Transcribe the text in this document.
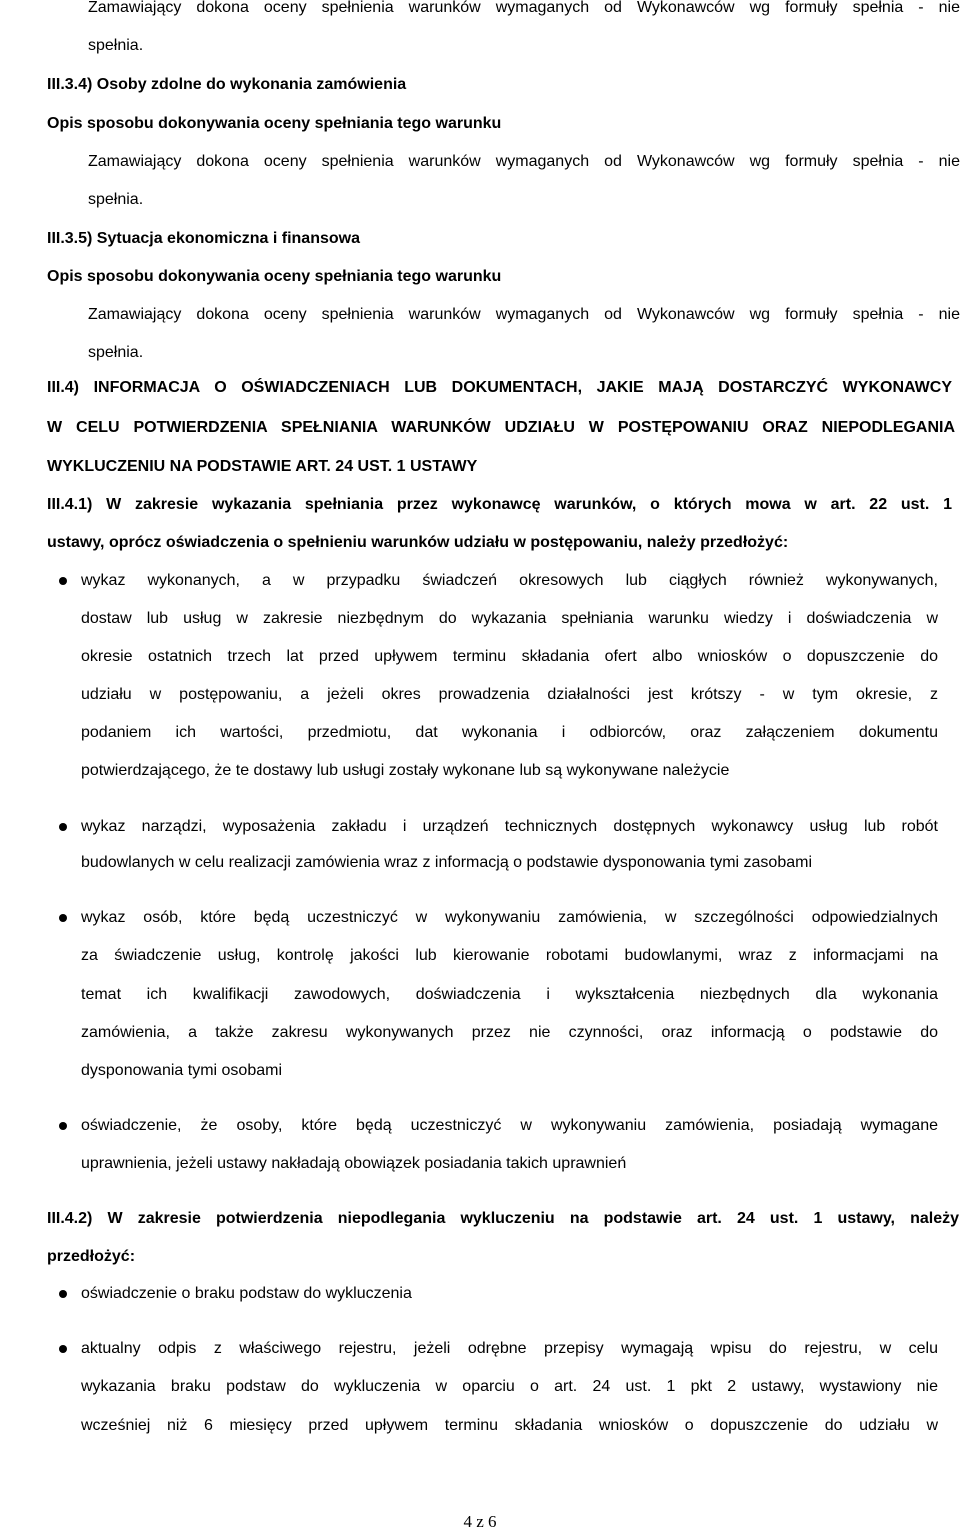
Zamawiający dokona oceny spełnienia warunków wymaganych od Wykonawców wg formuły spełnia - nie
spełnia.
III.3.4) Osoby zdolne do wykonania zamówienia
Opis sposobu dokonywania oceny spełniania tego warunku
Zamawiający dokona oceny spełnienia warunków wymaganych od Wykonawców wg formuły spełnia - nie
spełnia.
III.3.5) Sytuacja ekonomiczna i finansowa
Opis sposobu dokonywania oceny spełniania tego warunku
Zamawiający dokona oceny spełnienia warunków wymaganych od Wykonawców wg formuły spełnia - nie
spełnia.
III.4) INFORMACJA O OŚWIADCZENIACH LUB DOKUMENTACH, JAKIE MAJĄ DOSTARCZYĆ WYKONAWCY
W CELU POTWIERDZENIA SPEŁNIANIA WARUNKÓW UDZIAŁU W POSTĘPOWANIU ORAZ NIEPODLEGANIA
WYKLUCZENIU NA PODSTAWIE ART. 24 UST. 1 USTAWY
III.4.1) W zakresie wykazania spełniania przez wykonawcę warunków, o których mowa w art. 22 ust. 1
ustawy, oprócz oświadczenia o spełnieniu warunków udziału w postępowaniu, należy przedłożyć:
wykaz wykonanych, a w przypadku świadczeń okresowych lub ciągłych również wykonywanych,
dostaw lub usług w zakresie niezbędnym do wykazania spełniania warunku wiedzy i doświadczenia w
okresie ostatnich trzech lat przed upływem terminu składania ofert albo wniosków o dopuszczenie do
udziału w postępowaniu, a jeżeli okres prowadzenia działalności jest krótszy - w tym okresie, z
podaniem ich wartości, przedmiotu, dat wykonania i odbiorców, oraz załączeniem dokumentu
potwierdzającego, że te dostawy lub usługi zostały wykonane lub są wykonywane należycie
wykaz narządzi, wyposażenia zakładu i urządzeń technicznych dostępnych wykonawcy usług lub robót
budowlanych w celu realizacji zamówienia wraz z informacją o podstawie dysponowania tymi zasobami
wykaz osób, które będą uczestniczyć w wykonywaniu zamówienia, w szczególności odpowiedzialnych
za świadczenie usług, kontrolę jakości lub kierowanie robotami budowlanymi, wraz z informacjami na
temat ich kwalifikacji zawodowych, doświadczenia i wykształcenia niezbędnych dla wykonania
zamówienia, a także zakresu wykonywanych przez nie czynności, oraz informacją o podstawie do
dysponowania tymi osobami
oświadczenie, że osoby, które będą uczestniczyć w wykonywaniu zamówienia, posiadają wymagane
uprawnienia, jeżeli ustawy nakładają obowiązek posiadania takich uprawnień
III.4.2) W zakresie potwierdzenia niepodlegania wykluczeniu na podstawie art. 24 ust. 1 ustawy, należy
przedłożyć:
oświadczenie o braku podstaw do wykluczenia
aktualny odpis z właściwego rejestru, jeżeli odrębne przepisy wymagają wpisu do rejestru, w celu
wykazania braku podstaw do wykluczenia w oparciu o art. 24 ust. 1 pkt 2 ustawy, wystawiony nie
wcześniej niż 6 miesięcy przed upływem terminu składania wniosków o dopuszczenie do udziału w
4 z 6
